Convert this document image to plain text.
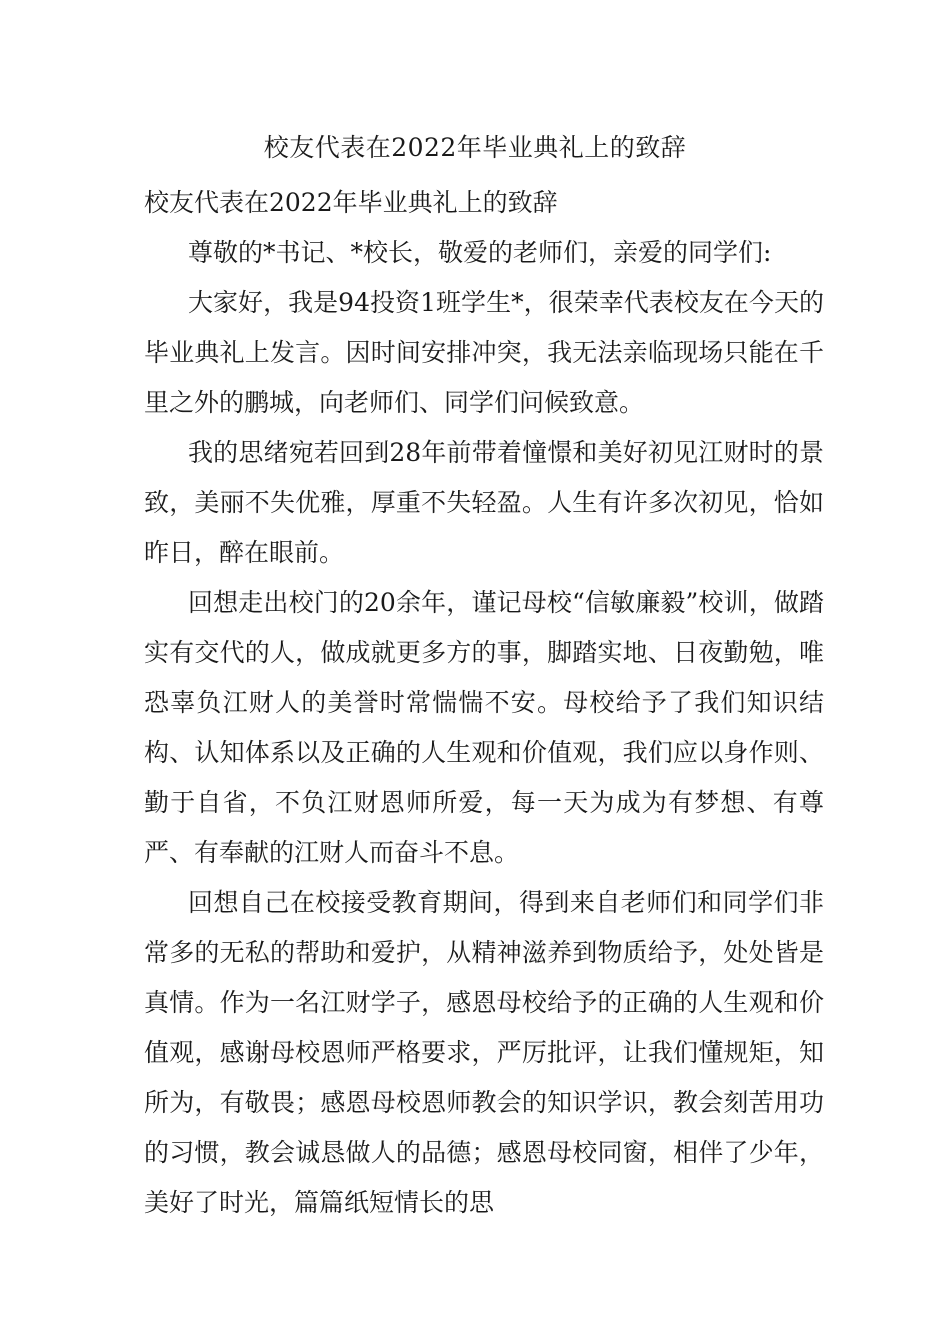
校友代表在2022年毕业典礼上的致辞

校友代表在2022年毕业典礼上的致辞

尊敬的*书记、*校长，敬爱的老师们，亲爱的同学们:

大家好，我是94投资1班学生*，很荣幸代表校友在今天的毕业典礼上发言。因时间安排冲突，我无法亲临现场只能在千里之外的鹏城，向老师们、同学们问候致意。

我的思绪宛若回到28年前带着憧憬和美好初见江财时的景致，美丽不失优雅，厚重不失轻盈。人生有许多次初见，恰如昨日，醉在眼前。

回想走出校门的20余年，谨记母校“信敏廉毅”校训，做踏实有交代的人，做成就更多方的事，脚踏实地、日夜勤勉，唯恐辜负江财人的美誉时常惴惴不安。母校给予了我们知识结构、认知体系以及正确的人生观和价值观，我们应以身作则、勤于自省，不负江财恩师所爱，每一天为成为有梦想、有尊严、有奉献的江财人而奋斗不息。

回想自己在校接受教育期间，得到来自老师们和同学们非常多的无私的帮助和爱护，从精神滋养到物质给予，处处皆是真情。作为一名江财学子，感恩母校给予的正确的人生观和价值观，感谢母校恩师严格要求，严厉批评，让我们懂规矩，知所为，有敬畏；感恩母校恩师教会的知识学识，教会刻苦用功的习惯，教会诚恳做人的品德；感恩母校同窗，相伴了少年，美好了时光，篇篇纸短情长的思
